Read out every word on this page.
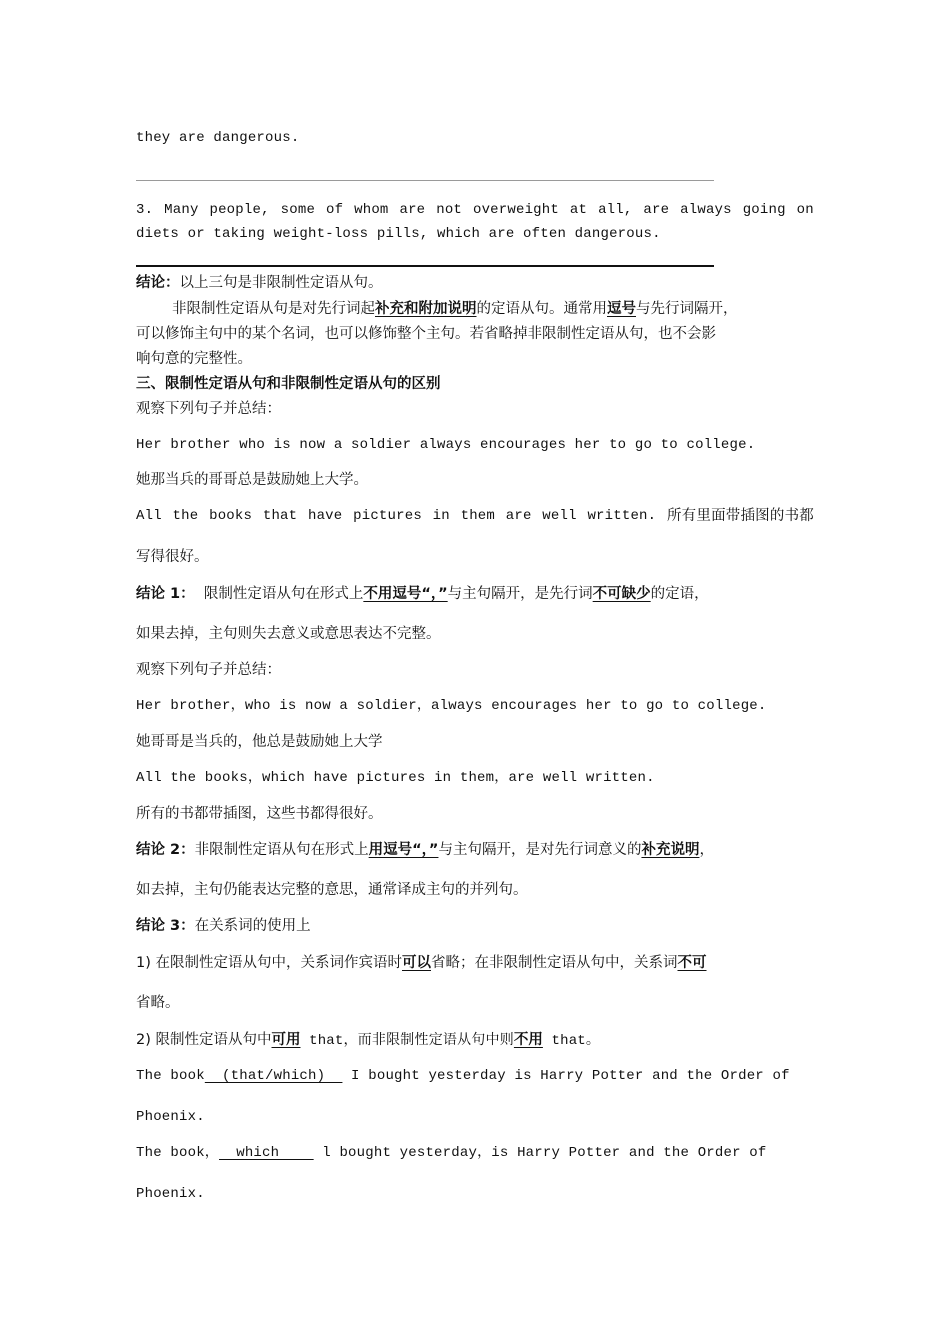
they are dangerous.
3. Many people, some of whom are not overweight at all, are always going on
diets or taking weight-loss pills, which are often dangerous.
结论：以上三句是非限制性定语从句。
非限制性定语从句是对先行词起补充和附加说明的定语从句。通常用逗号与先行词隔开，
可以修饰主句中的某个名词，也可以修饰整个主句。若省略掉非限制性定语从句，也不会影
响句意的完整性。
三、限制性定语从句和非限制性定语从句的区别
观察下列句子并总结：
Her brother who is now a soldier always encourages her to go to college.
她那当兵的哥哥总是鼓励她上大学。
All the books that have pictures in them are well written. 所有里面带插图的书都
写得很好。
结论 1： 限制性定语从句在形式上不用逗号“，”与主句隔开，是先行词不可缺少的定语，
如果去掉，主句则失去意义或意思表达不完整。
观察下列句子并总结：
Her brother，who is now a soldier，always encourages her to go to college.
她哥哥是当兵的，他总是鼓励她上大学
All the books，which have pictures in them，are well written.
所有的书都带插图，这些书都得很好。
结论 2：非限制性定语从句在形式上用逗号“，”与主句隔开，是对先行词意义的补充说明，
如去掉，主句仍能表达完整的意思，通常译成主句的并列句。
结论 3：在关系词的使用上
1) 在限制性定语从句中，关系词作宾语时可以省略；在非限制性定语从句中，关系词不可
省略。
2) 限制性定语从句中可用 that，而非限制性定语从句中则不用 that。
The book  (that/which)   I bought yesterday is Harry Potter and the Order of
Phoenix.
The book，  which     l bought yesterday，is Harry Potter and the Order of
Phoenix.
